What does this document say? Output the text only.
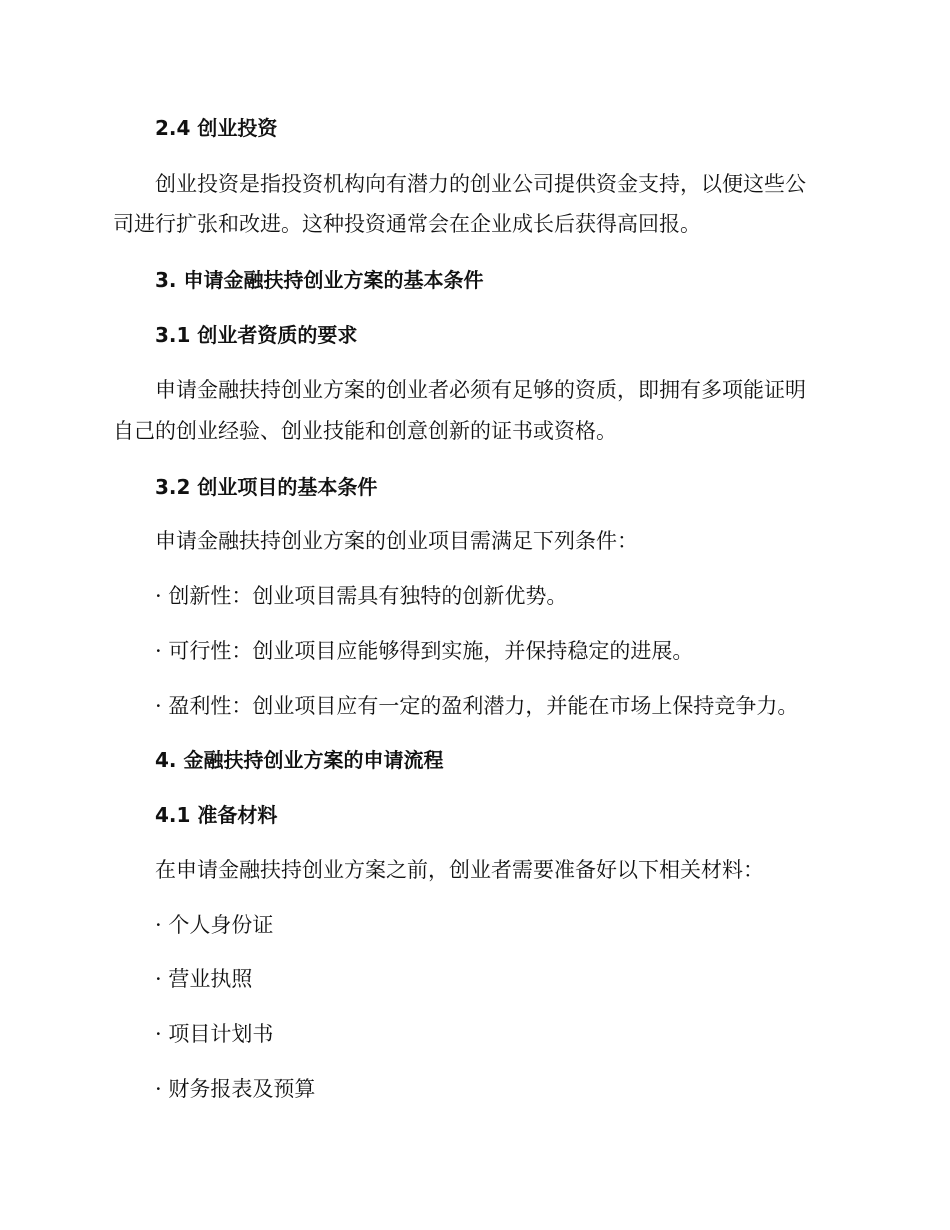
2.4 创业投资
创业投资是指投资机构向有潜力的创业公司提供资金支持，以便这些公
司进行扩张和改进。这种投资通常会在企业成长后获得高回报。
3. 申请金融扶持创业方案的基本条件
3.1 创业者资质的要求
申请金融扶持创业方案的创业者必须有足够的资质，即拥有多项能证明
自己的创业经验、创业技能和创意创新的证书或资格。
3.2 创业项目的基本条件
申请金融扶持创业方案的创业项目需满足下列条件：
· 创新性：创业项目需具有独特的创新优势。
· 可行性：创业项目应能够得到实施，并保持稳定的进展。
· 盈利性：创业项目应有一定的盈利潜力，并能在市场上保持竞争力。
4. 金融扶持创业方案的申请流程
4.1 准备材料
在申请金融扶持创业方案之前，创业者需要准备好以下相关材料：
· 个人身份证
· 营业执照
· 项目计划书
· 财务报表及预算
